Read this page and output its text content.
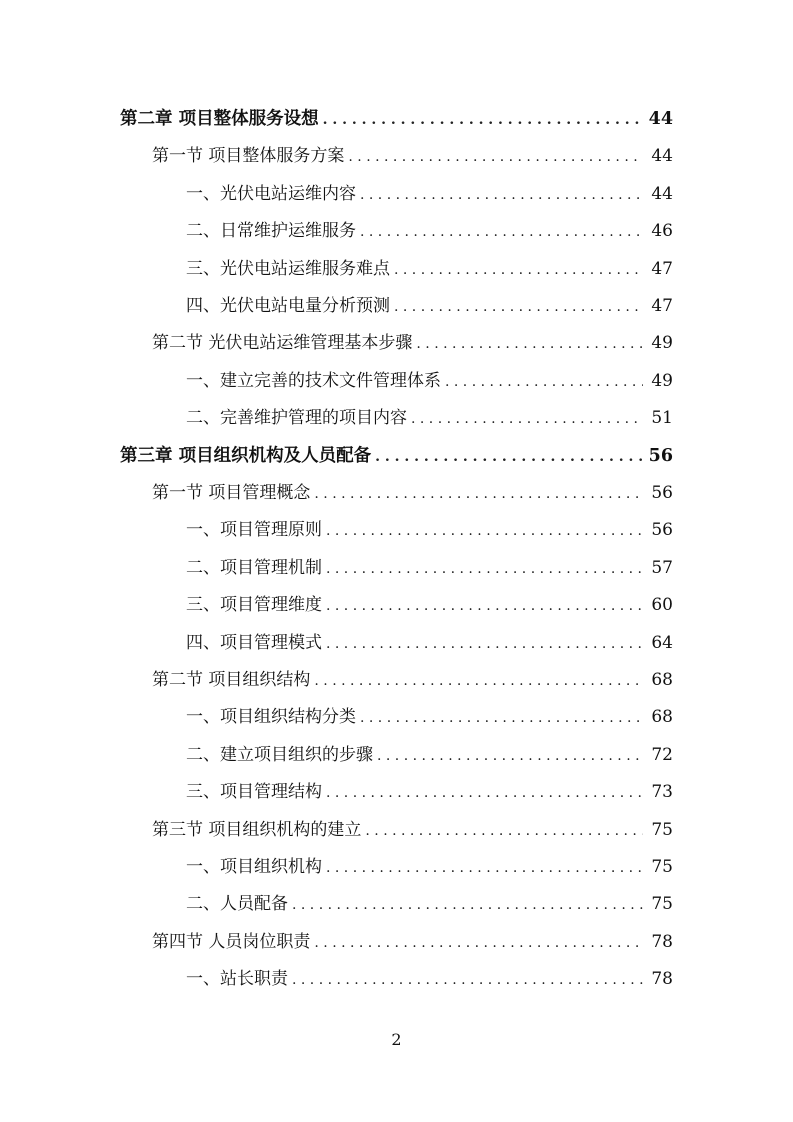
第二章 项目整体服务设想 . . .	44
第一节 项目整体服务方案 . . .	44
一、光伏电站运维内容 . . .	44
二、日常维护运维服务 . . .	46
三、光伏电站运维服务难点 . . .	47
四、光伏电站电量分析预测 . . .	47
第二节 光伏电站运维管理基本步骤 . . .	49
一、建立完善的技术文件管理体系 . . .	49
二、完善维护管理的项目内容 . . .	51
第三章 项目组织机构及人员配备 . . .	56
第一节 项目管理概念 . . .	56
一、项目管理原则 . . .	56
二、项目管理机制 . . .	57
三、项目管理维度 . . .	60
四、项目管理模式 . . .	64
第二节 项目组织结构 . . .	68
一、项目组织结构分类 . . .	68
二、建立项目组织的步骤 . . .	72
三、项目管理结构 . . .	73
第三节 项目组织机构的建立 . . .	75
一、项目组织机构 . . .	75
二、人员配备 . . .	75
第四节 人员岗位职责 . . .	78
一、站长职责 . . .	78
2
